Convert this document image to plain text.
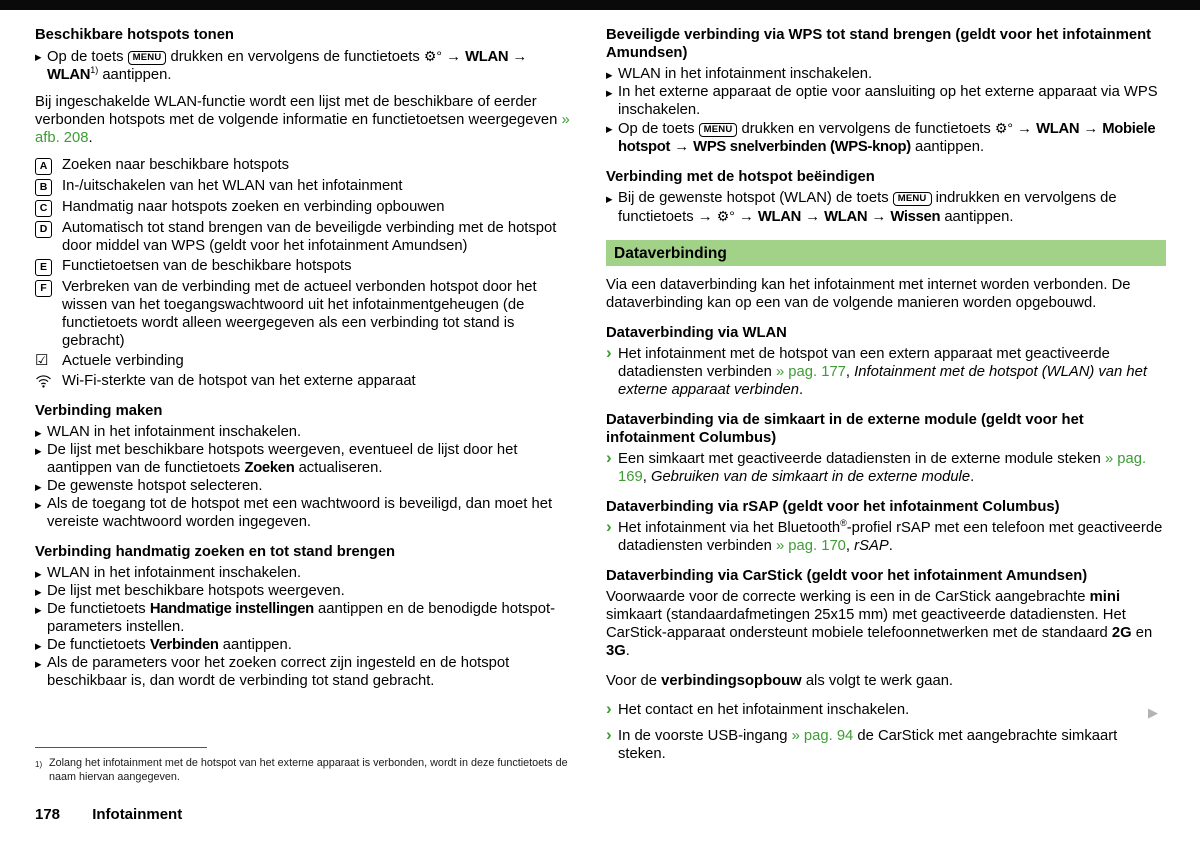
Beschikbare hotspots tonen
▶ Op de toets MENU drukken en vervolgens de functietoets ⚙° → WLAN → $WLAN^{1)}$ aantippen.
Bij ingeschakelde WLAN-functie wordt een lijst met de beschikbare of eerder verbonden hotspots met de volgende informatie en functietoetsen weergegeven » afb. 208.
A Zoeken naar beschikbare hotspots
B In-/uitschakelen van het WLAN van het infotainment
C Handmatig naar hotspots zoeken en verbinding opbouwen
D Automatisch tot stand brengen van de beveiligde verbinding met de hotspot door middel van WPS (geldt voor het infotainment Amundsen)
E	Functietoetsen van de beschikbare hotspots
F	Verbreken van de verbinding met de actueel verbonden hotspot door het wissen van het toegangswachtwoord uit het infotainmentgeheugen (de functietoets wordt alleen weergegeven als een verbinding tot stand is gebracht)
☑ Actuele verbinding
Wi-Fi-sterkte van de hotspot van het externe apparaat
Verbinding maken
▶ WLAN in het infotainment inschakelen.
▶ De lijst met beschikbare hotspots weergeven, eventueel de lijst door het aantippen van de functietoets Zoeken actualiseren.
▶ De gewenste hotspot selecteren.
▶ Als de toegang tot de hotspot met een wachtwoord is beveiligd, dan moet het vereiste wachtwoord worden ingegeven.
Verbinding handmatig zoeken en tot stand brengen
▶ WLAN in het infotainment inschakelen.
▶ De lijst met beschikbare hotspots weergeven.
▶ De functietoets Handmatige instellingen aantippen en de benodigde hotspot-parameters instellen.
▶ De functietoets Verbinden aantippen.
▶ Als de parameters voor het zoeken correct zijn ingesteld en de hotspot beschikbaar is, dan wordt de verbinding tot stand gebracht.
Beveiligde verbinding via WPS tot stand brengen (geldt voor het infotainment Amundsen)
▶ WLAN in het infotainment inschakelen.
▶ In het externe apparaat de optie voor aansluiting op het externe apparaat via WPS inschakelen.
▶ Op de toets MENU drukken en vervolgens de functietoets ⚙° → WLAN → Mobiele hotspot → WPS snelverbinden (WPS-knop) aantippen.
Verbinding met de hotspot beëindigen
▶ Bij de gewenste hotspot (WLAN) de toets MENU indrukken en vervolgens de functietoets → ⚙° → WLAN → WLAN → Wissen aantippen.
Dataverbinding
Via een dataverbinding kan het infotainment met internet worden verbonden. De dataverbinding kan op een van de volgende manieren worden opgebouwd.
Dataverbinding via WLAN
› Het infotainment met de hotspot van een extern apparaat met geactiveerde datadiensten verbinden » pag. 177, Infotainment met de hotspot (WLAN) van het externe apparaat verbinden.
Dataverbinding via de simkaart in de externe module (geldt voor het infotainment Columbus)
› Een simkaart met geactiveerde datadiensten in de externe module steken » pag. 169, Gebruiken van de simkaart in de externe module.
Dataverbinding via rSAP (geldt voor het infotainment Columbus)
› Het infotainment via het Bluetooth®-profiel rSAP met een telefoon met geactiveerde datadiensten verbinden » pag. 170, rSAP.
Dataverbinding via CarStick (geldt voor het infotainment Amundsen)
Voorwaarde voor de correcte werking is een in de CarStick aangebrachte mini simkaart (standaardafmetingen 25x15 mm) met geactiveerde datadiensten. Het CarStick-apparaat ondersteunt mobiele telefoonnetwerken met de standaard 2G en 3G.
Voor de verbindingsopbouw als volgt te werk gaan.
› Het contact en het infotainment inschakelen.
› In de voorste USB-ingang » pag. 94 de CarStick met aangebrachte simkaart steken.
1) Zolang het infotainment met de hotspot van het externe apparaat is verbonden, wordt in deze functietoets de naam hiervan aangegeven.
178 Infotainment
▶
